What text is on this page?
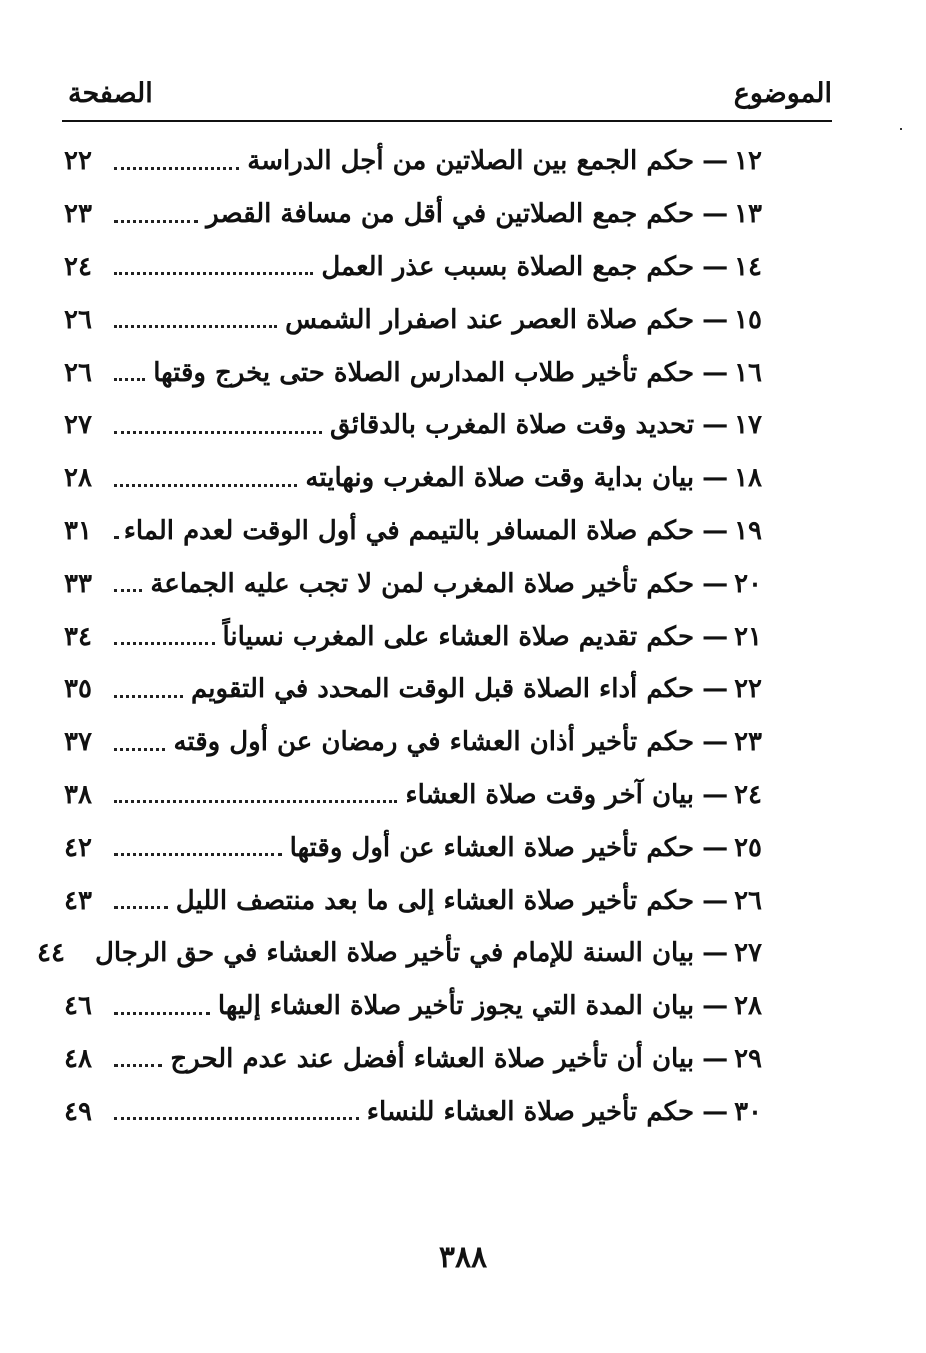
الموضوع
الصفحة
١٢
—
حكم الجمع بين الصلاتين من أجل الدراسة
٢٢
١٣
—
حكم جمع الصلاتين في أقل من مسافة القصر
٢٣
١٤
—
حكم جمع الصلاة بسبب عذر العمل
٢٤
١٥
—
حكم صلاة العصر عند اصفرار الشمس
٢٦
١٦
—
حكم تأخير طلاب المدارس الصلاة حتى يخرج وقتها
٢٦
١٧
—
تحديد وقت صلاة المغرب بالدقائق
٢٧
١٨
—
بيان بداية وقت صلاة المغرب ونهايته
٢٨
١٩
—
حكم صلاة المسافر بالتيمم في أول الوقت لعدم الماء
٣١
٢٠
—
حكم تأخير صلاة المغرب لمن لا تجب عليه الجماعة
٣٣
٢١
—
حكم تقديم صلاة العشاء على المغرب نسياناً
٣٤
٢٢
—
حكم أداء الصلاة قبل الوقت المحدد في التقويم
٣٥
٢٣
—
حكم تأخير أذان العشاء في رمضان عن أول وقته
٣٧
٢٤
—
بيان آخر وقت صلاة العشاء
٣٨
٢٥
—
حكم تأخير صلاة العشاء عن أول وقتها
٤٢
٢٦
—
حكم تأخير صلاة العشاء إلى ما بعد منتصف الليل
٤٣
٢٧
—
بيان السنة للإمام في تأخير صلاة العشاء في حق الرجال
٤٤
٢٨
—
بيان المدة التي يجوز تأخير صلاة العشاء إليها
٤٦
٢٩
—
بيان أن تأخير صلاة العشاء أفضل عند عدم الحرج
٤٨
٣٠
—
حكم تأخير صلاة العشاء للنساء
٤٩
٣٨٨
